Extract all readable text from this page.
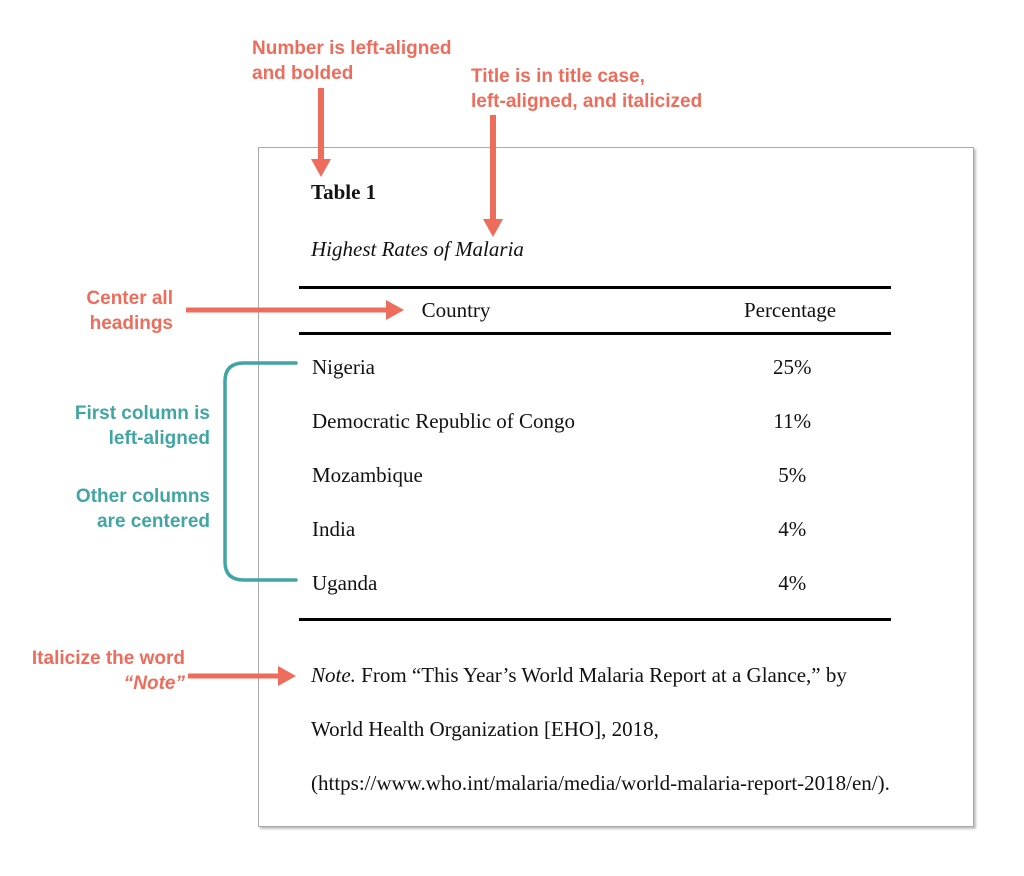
Table 1
Highest Rates of Malaria
Country	Percentage
Nigeria	25%
Democratic Republic of Congo	11%
Mozambique	5%
India	4%
Uganda	4%
Note. From “This Year’s World Malaria Report at a Glance,” by
World Health Organization [EHO], 2018,
(https://www.who.int/malaria/media/world-malaria-report-2018/en/).
Number is left-aligned
and bolded	Title is in title case,
left-aligned, and italicized
Center all
headings
First column is
left-aligned
Other columns
are centered
Italicize the word
“Note”
